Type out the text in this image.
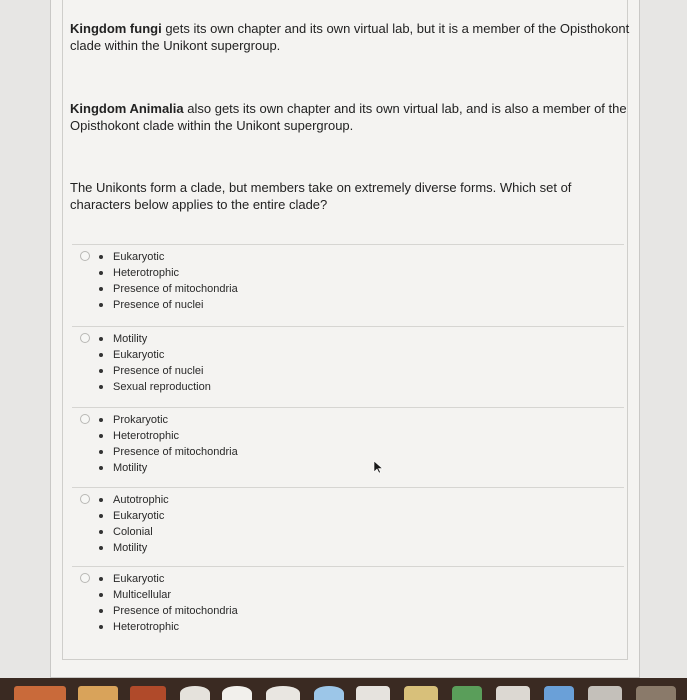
Kingdom fungi gets its own chapter and its own virtual lab, but it is a member of the Opisthokont clade within the Unikont supergroup.
Kingdom Animalia also gets its own chapter and its own virtual lab, and is also a member of the Opisthokont clade within the Unikont supergroup.
The Unikonts form a clade, but members take on extremely diverse forms. Which set of characters below applies to the entire clade?
Eukaryotic
Heterotrophic
Presence of mitochondria
Presence of nuclei
Motility
Eukaryotic
Presence of nuclei
Sexual reproduction
Prokaryotic
Heterotrophic
Presence of mitochondria
Motility
Autotrophic
Eukaryotic
Colonial
Motility
Eukaryotic
Multicellular
Presence of mitochondria
Heterotrophic
